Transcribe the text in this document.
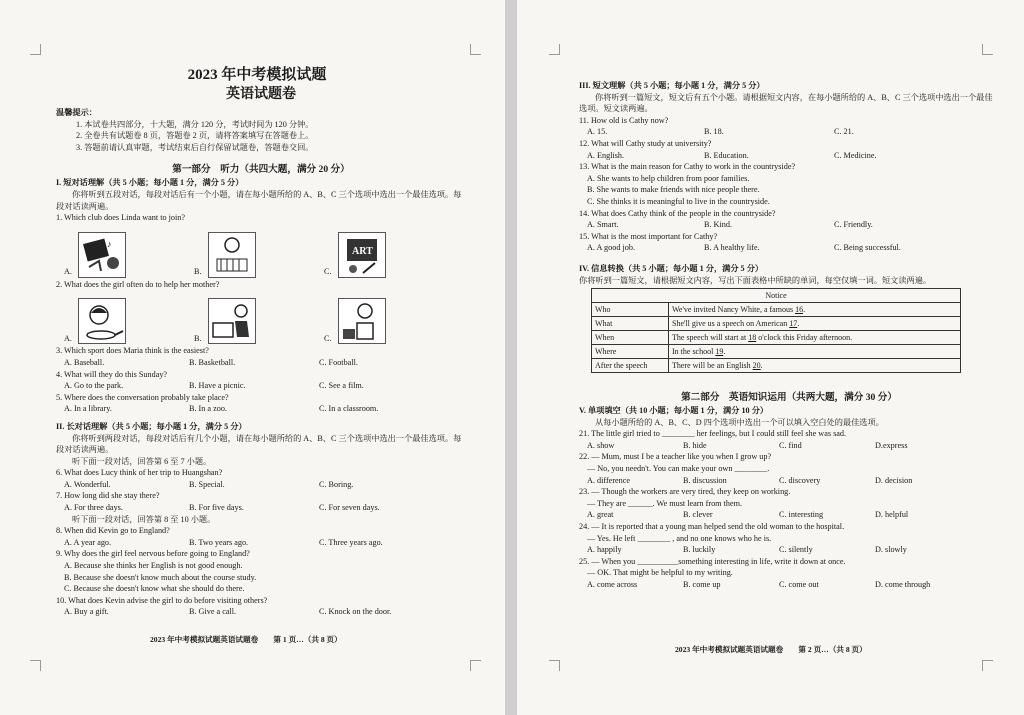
2023 年中考模拟试题
英语试题卷
温馨提示：
1. 本试卷共四部分，十大题，满分 120 分，考试时间为 120 分钟。
2. 全卷共有试题卷 8 页，答题卷 2 页，请将答案填写在答题卷上。
3. 答题前请认真审题，考试结束后自行保留试题卷，答题卷交回。
第一部分　听力（共四大题，满分 20 分）
I. 短对话理解（共 5 小题；每小题 1 分，满分 5 分）
你将听到五段对话，每段对话后有一个小题，请在每小题所给的 A、B、C 三个选项中选出一个最佳选项。每段对话读两遍。
1. Which club does Linda want to join?
A.
♪
B.	C.
ART
2. What does the girl often do to help her mother?
A.	B.	C.
3. Which sport does Maria think is the easiest?
A. Baseball.	B. Basketball.	C. Football.
4. What will they do this Sunday?
A. Go to the park.	B. Have a picnic.	C. See a film.
5. Where does the conversation probably take place?
A. In a library.	B. In a zoo.	C. In a classroom.
II. 长对话理解（共 5 小题；每小题 1 分，满分 5 分）
你将听到两段对话，每段对话后有几个小题，请在每小题所给的 A、B、C 三个选项中选出一个最佳选项。每段对话读两遍。
听下面一段对话，回答第 6 至 7 小题。
6. What does Lucy think of her trip to Huangshan?
A. Wonderful.	B. Special.	C. Boring.
7. How long did she stay there?
A. For three days.	B. For five days.	C. For seven days.
听下面一段对话，回答第 8 至 10 小题。
8. When did Kevin go to England?
A. A year ago.	B. Two years ago.	C. Three years ago.
9. Why does the girl feel nervous before going to England?
A. Because she thinks her English is not good enough.
B. Because she doesn't know much about the course study.
C. Because she doesn't know what she should do there.
10. What does Kevin advise the girl to do before visiting others?
A. Buy a gift.	B. Give a call.	C. Knock on the door.
2023 年中考模拟试题英语试题卷　　第 1 页…（共 8 页）
III. 短文理解（共 5 小题；每小题 1 分，满分 5 分）
你将听到一篇短文，短文后有五个小题。请根据短文内容，在每小题所给的 A、B、C 三个选项中选出一个最佳选项。短文读两遍。
11. How old is Cathy now?
A. 15.	B. 18.	C. 21.
12. What will Cathy study at university?
A. English.	B. Education.	C. Medicine.
13. What is the main reason for Cathy to work in the countryside?
A. She wants to help children from poor families.
B. She wants to make friends with nice people there.
C. She thinks it is meaningful to live in the countryside.
14. What does Cathy think of the people in the countryside?
A. Smart.	B. Kind.	C. Friendly.
15. What is the most important for Cathy?
A. A good job.	B. A healthy life.	C. Being successful.
IV. 信息转换（共 5 小题；每小题 1 分，满分 5 分）
你将听到一篇短文，请根据短文内容，写出下面表格中所缺的单词，每空仅填一词。短文读两遍。
Notice	
Who	We've invited Nancy White, a famous 16.
What	She'll give us a speech on American 17.
When	The speech will start at 18 o'clock this Friday afternoon.
Where	In the school 19.
After the speech	There will be an English 20.
第二部分　英语知识运用（共两大题，满分 30 分）
V. 单项填空（共 10 小题；每小题 1 分，满分 10 分）
从每小题所给的 A、B、C、D 四个选项中选出一个可以填入空白处的最佳选项。
21. The little girl tried to ________ her feelings, but I could still feel she was sad.
A. show	B. hide	C. find	D.express
22. — Mum, must I be a teacher like you when I grow up?
— No, you needn't. You can make your own ________.
A. difference	B. discussion	C. discovery	D. decision
23. — Though the workers are very tired, they keep on working.
— They are ______. We must learn from them.
A. great	B. clever	C. interesting	D. helpful
24. — It is reported that a young man helped send the old woman to the hospital.
— Yes. He left ________ , and no one knows who he is.
A. happily	B. luckily	C. silently	D. slowly
25. — When you __________something interesting in life, write it down at once.
— OK. That might be helpful to my writing.
A. come across	B. come up	C. come out	D. come through
2023 年中考模拟试题英语试题卷　　第 2 页…（共 8 页）
